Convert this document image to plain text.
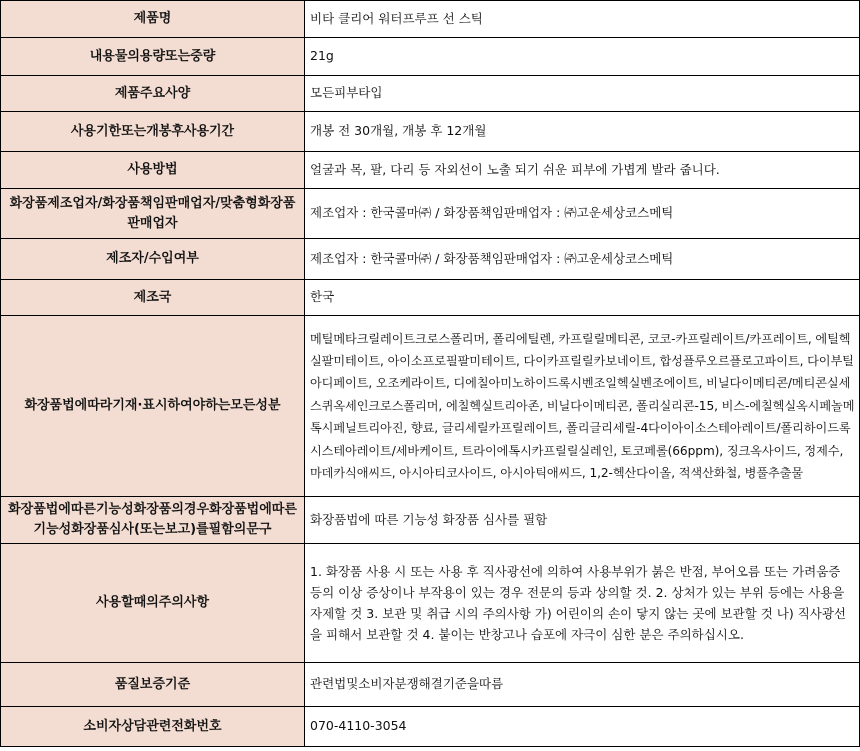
제품명	비타 클리어 워터프루프 선 스틱
내용물의용량또는중량	21g
제품주요사양	모든피부타입
사용기한또는개봉후사용기간	개봉 전 30개월, 개봉 후 12개월
사용방법	얼굴과 목, 팔, 다리 등 자외선이 노출 되기 쉬운 피부에 가볍게 발라 줍니다.
화장품제조업자/화장품책임판매업자/맞춤형화장품판매업자	제조업자 : 한국콜마㈜ / 화장품책임판매업자 : ㈜고운세상코스메틱
제조자/수입여부	제조업자 : 한국콜마㈜ / 화장품책임판매업자 : ㈜고운세상코스메틱
제조국	한국
화장품법에따라기재·표시하여야하는모든성분	메틸메타크릴레이트크로스폴리머, 폴리에틸렌, 카프릴릴메티콘, 코코-카프릴레이트/카프레이트, 에틸헥실팔미테이트, 아이소프로필팔미테이트, 다이카프릴릴카보네이트, 합성플루오르플로고파이트, 다이부틸아디페이트, 오조케라이트, 디에칠아미노하이드록시벤조일헥실벤조에이트, 비닐다이메티콘/메티콘실세스퀴옥세인크로스폴리머, 에칠헥실트리아존, 비닐다이메티콘, 폴리실리콘-15, 비스-에칠헥실옥시페놀메톡시페닐트리아진, 향료, 글리세릴카프릴레이트, 폴리글리세릴-4다이아이소스테아레이트/폴리하이드록시스테아레이트/세바케이트, 트라이에톡시카프릴릴실레인, 토코페롤(66ppm), 징크옥사이드, 정제수, 마데카식애씨드, 아시아티코사이드, 아시아틱애씨드, 1,2-헥산다이올, 적색산화철, 병풀추출물
화장품법에따른기능성화장품의경우화장품법에따른기능성화장품심사(또는보고)를필함의문구	화장품법에 따른 기능성 화장품 심사를 필함
사용할때의주의사항	1. 화장품 사용 시 또는 사용 후 직사광선에 의하여 사용부위가 붉은 반점, 부어오름 또는 가려움증 등의 이상 증상이나 부작용이 있는 경우 전문의 등과 상의할 것. 2. 상처가 있는 부위 등에는 사용을 자제할 것 3. 보관 및 취급 시의 주의사항 가) 어린이의 손이 닿지 않는 곳에 보관할 것 나) 직사광선을 피해서 보관할 것 4. 붙이는 반창고나 습포에 자극이 심한 분은 주의하십시오.
품질보증기준	관련법및소비자분쟁해결기준을따름
소비자상담관련전화번호	070-4110-3054
